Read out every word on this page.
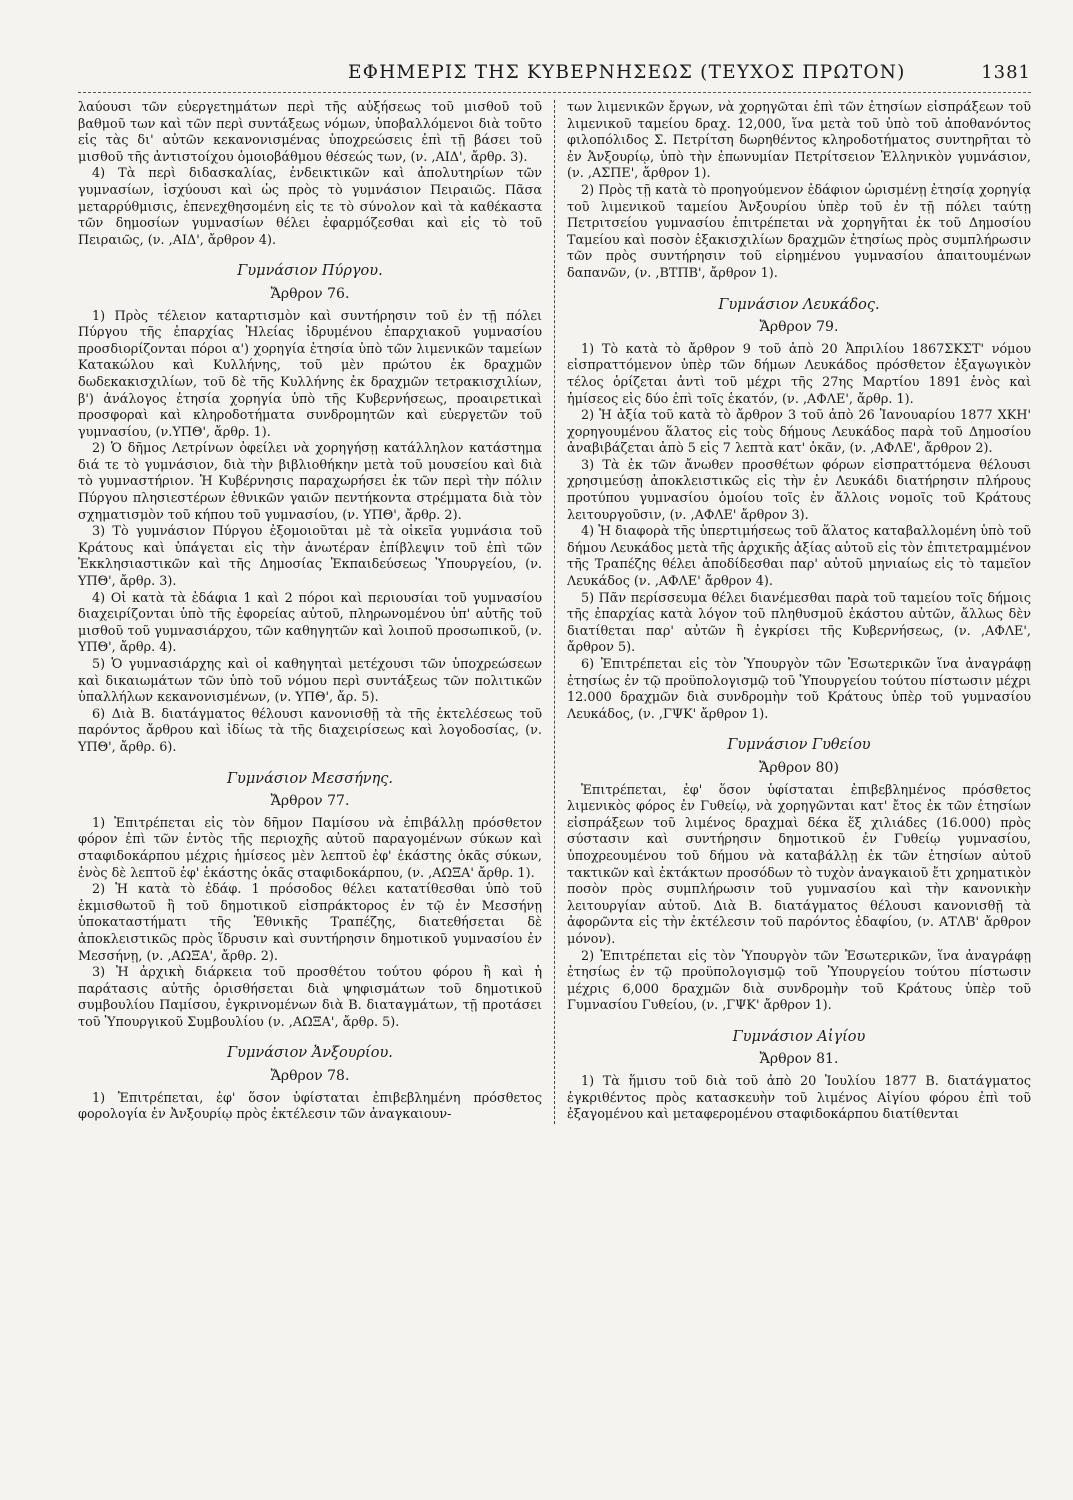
ΕΦΗΜΕΡΙΣ ΤΗΣ ΚΥΒΕΡΝΗΣΕΩΣ (ΤΕΥΧΟΣ ΠΡΩΤΟΝ)	1381

λαύουσι τῶν εὐεργετημάτων περὶ τῆς αὐξήσεως τοῦ μισθοῦ τοῦ βαθμοῦ των καὶ τῶν περὶ συντάξεως νόμων, ὑποβαλλόμενοι διὰ τοῦτο εἰς τὰς δι' αὐτῶν κεκανονισμένας ὑποχρεώσεις ἐπὶ τῇ βάσει τοῦ μισθοῦ τῆς ἀντιστοίχου ὁμοιοβάθμου θέσεώς των, (ν. ,ΑΙΔ', ἄρθρ. 3).

4) Τὰ περὶ διδασκαλίας, ἐνδεικτικῶν καὶ ἀπολυτηρίων τῶν γυμνασίων, ἰσχύουσι καὶ ὡς πρὸς τὸ γυμνάσιον Πειραιῶς. Πᾶσα μεταρρύθμισις, ἐπενεχθησομένη εἰς τε τὸ σύνολον καὶ τὰ καθέκαστα τῶν δημοσίων γυμνασίων θέλει ἐφαρμόζεσθαι καὶ εἰς τὸ τοῦ Πειραιῶς, (ν. ,ΑΙΔ', ἄρθρον 4).

Γυμνάσιον Πύργου.
Ἄρθρον 76.

1) Πρὸς τέλειον καταρτισμὸν καὶ συντήρησιν τοῦ ἐν τῇ πόλει Πύργου τῆς ἐπαρχίας Ἠλείας ἱδρυμένου ἐπαρχιακοῦ γυμνασίου προσδιορίζονται πόροι α') χορηγία ἐτησία ὑπὸ τῶν λιμενικῶν ταμείων Κατακώλου καὶ Κυλλήνης, τοῦ μὲν πρώτου ἐκ δραχμῶν δωδεκακισχιλίων, τοῦ δὲ τῆς Κυλλήνης ἐκ δραχμῶν τετρακισχιλίων, β') ἀνάλογος ἐτησία χορηγία ὑπὸ τῆς Κυβερνήσεως, προαιρετικαὶ προσφοραὶ καὶ κληροδοτήματα συνδρομητῶν καὶ εὐεργετῶν τοῦ γυμνασίου, (ν.ΥΠΘ', ἄρθρ. 1).

2) Ὁ δῆμος Λετρίνων ὀφείλει νὰ χορηγήσῃ κατάλληλον κατάστημα διά τε τὸ γυμνάσιον, διὰ τὴν βιβλιοθήκην μετὰ τοῦ μουσείου καὶ διὰ τὸ γυμναστήριον. Ἡ Κυβέρνησις παραχωρήσει ἐκ τῶν περὶ τὴν πόλιν Πύργου πλησιεστέρων ἐθνικῶν γαιῶν πεντήκοντα στρέμματα διὰ τὸν σχηματισμὸν τοῦ κήπου τοῦ γυμνασίου, (ν. ΥΠΘ', ἄρθρ. 2).

3) Τὸ γυμνάσιον Πύργου ἐξομοιοῦται μὲ τὰ οἰκεῖα γυμνάσια τοῦ Κράτους καὶ ὑπάγεται εἰς τὴν ἀνωτέραν ἐπίβλεψιν τοῦ ἐπὶ τῶν Ἐκκλησιαστικῶν καὶ τῆς Δημοσίας Ἐκπαιδεύσεως Ὑπουργείου, (ν. ΥΠΘ', ἄρθρ. 3).

4) Οἱ κατὰ τὰ ἐδάφια 1 καὶ 2 πόροι καὶ περιουσίαι τοῦ γυμνασίου διαχειρίζονται ὑπὸ τῆς ἐφορείας αὐτοῦ, πληρωνομένου ὑπ' αὐτῆς τοῦ μισθοῦ τοῦ γυμνασιάρχου, τῶν καθηγητῶν καὶ λοιποῦ προσωπικοῦ, (ν. ΥΠΘ', ἄρθρ. 4).

5) Ὁ γυμνασιάρχης καὶ οἱ καθηγηταὶ μετέχουσι τῶν ὑποχρεώσεων καὶ δικαιωμάτων τῶν ὑπὸ τοῦ νόμου περὶ συντάξεως τῶν πολιτικῶν ὑπαλλήλων κεκανονισμένων, (ν. ΥΠΘ', ἄρ. 5).

6) Διὰ Β. διατάγματος θέλουσι κανονισθῇ τὰ τῆς ἐκτελέσεως τοῦ παρόντος ἄρθρου καὶ ἰδίως τὰ τῆς διαχειρίσεως καὶ λογοδοσίας, (ν. ΥΠΘ', ἄρθρ. 6).

Γυμνάσιον Μεσσήνης.
Ἄρθρον 77.

1) Ἐπιτρέπεται εἰς τὸν δῆμον Παμίσου νὰ ἐπιβάλλῃ πρόσθετον φόρον ἐπὶ τῶν ἐντὸς τῆς περιοχῆς αὐτοῦ παραγομένων σύκων καὶ σταφιδοκάρπου μέχρις ἡμίσεος μὲν λεπτοῦ ἐφ' ἑκάστης ὀκᾶς σύκων, ἑνὸς δὲ λεπτοῦ ἐφ' ἑκάστης ὀκᾶς σταφιδοκάρπου, (ν. ,ΑΩΞΑ' ἄρθρ. 1).

2) Ἡ κατὰ τὸ ἐδάφ. 1 πρόσοδος θέλει κατατίθεσθαι ὑπὸ τοῦ ἐκμισθωτοῦ ἢ τοῦ δημοτικοῦ εἰσπράκτορος ἐν τῷ ἐν Μεσσήνῃ ὑποκαταστήματι τῆς Ἐθνικῆς Τραπέζης, διατεθήσεται δὲ ἀποκλειστικῶς πρὸς ἵδρυσιν καὶ συντήρησιν δημοτικοῦ γυμνασίου ἐν Μεσσήνῃ, (ν. ,ΑΩΞΑ', ἄρθρ. 2).

3) Ἡ ἀρχικὴ διάρκεια τοῦ προσθέτου τούτου φόρου ἢ καὶ ἡ παράτασις αὐτῆς ὁρισθήσεται διὰ ψηφισμάτων τοῦ δημοτικοῦ συμβουλίου Παμίσου, ἐγκρινομένων διὰ Β. διαταγμάτων, τῇ προτάσει τοῦ Ὑπουργικοῦ Συμβουλίου (ν. ,ΑΩΞΑ', ἄρθρ. 5).

Γυμνάσιον Ἀνξουρίου.
Ἄρθρον 78.

1) Ἐπιτρέπεται, ἐφ' ὅσον ὑφίσταται ἐπιβεβλημένη πρόσθετος φορολογία ἐν Ἀνξουρίῳ πρὸς ἐκτέλεσιν τῶν ἀναγκαιουν-

των λιμενικῶν ἔργων, νὰ χορηγῶται ἐπὶ τῶν ἐτησίων εἰσπράξεων τοῦ λιμενικοῦ ταμείου δραχ. 12,000, ἵνα μετὰ τοῦ ὑπὸ τοῦ ἀποθανόντος φιλοπόλιδος Σ. Πετρίτση δωρηθέντος κληροδοτήματος συντηρῆται τὸ ἐν Ἀνξουρίῳ, ὑπὸ τὴν ἐπωνυμίαν Πετρίτσειον Ἑλληνικὸν γυμνάσιον, (ν. ,ΑΣΠΕ', ἄρθρον 1).

2) Πρὸς τῇ κατὰ τὸ προηγούμενον ἐδάφιον ὡρισμένῃ ἐτησίᾳ χορηγίᾳ τοῦ λιμενικοῦ ταμείου Ἀνξουρίου ὑπὲρ τοῦ ἐν τῇ πόλει ταύτῃ Πετριτσείου γυμνασίου ἐπιτρέπεται νὰ χορηγῆται ἐκ τοῦ Δημοσίου Ταμείου καὶ ποσὸν ἑξακισχιλίων δραχμῶν ἐτησίως πρὸς συμπλήρωσιν τῶν πρὸς συντήρησιν τοῦ εἰρημένου γυμνασίου ἀπαιτουμένων δαπανῶν, (ν. ,ΒΤΠΒ', ἄρθρον 1).

Γυμνάσιον Λευκάδος.
Ἄρθρον 79.

1) Τὸ κατὰ τὸ ἄρθρον 9 τοῦ ἀπὸ 20 Ἀπριλίου 1867ΣΚΣΤ' νόμου εἰσπραττόμενον ὑπὲρ τῶν δήμων Λευκάδος πρόσθετον ἐξαγωγικὸν τέλος ὁρίζεται ἀντὶ τοῦ μέχρι τῆς 27ης Μαρτίου 1891 ἑνὸς καὶ ἡμίσεος εἰς δύο ἐπὶ τοῖς ἑκατόν, (ν. ,ΑΦΛΕ', ἄρθρ. 1).

2) Ἡ ἀξία τοῦ κατὰ τὸ ἄρθρον 3 τοῦ ἀπὸ 26 Ἰανουαρίου 1877 ΧΚΗ' χορηγουμένου ἅλατος εἰς τοὺς δήμους Λευκάδος παρὰ τοῦ Δημοσίου ἀναβιβάζεται ἀπὸ 5 εἰς 7 λεπτὰ κατ' ὀκᾶν, (ν. ,ΑΦΛΕ', ἄρθρον 2).

3) Τὰ ἐκ τῶν ἄνωθεν προσθέτων φόρων εἰσπραττόμενα θέλουσι χρησιμεύσῃ ἀποκλειστικῶς εἰς τὴν ἐν Λευκάδι διατήρησιν πλήρους προτύπου γυμνασίου ὁμοίου τοῖς ἐν ἄλλοις νομοῖς τοῦ Κράτους λειτουργοῦσιν, (ν. ,ΑΦΛΕ' ἄρθρον 3).

4) Ἡ διαφορὰ τῆς ὑπερτιμήσεως τοῦ ἅλατος καταβαλλομένη ὑπὸ τοῦ δήμου Λευκάδος μετὰ τῆς ἀρχικῆς ἀξίας αὐτοῦ εἰς τὸν ἐπιτετραμμένον τῆς Τραπέζης θέλει ἀποδίδεσθαι παρ' αὐτοῦ μηνιαίως εἰς τὸ ταμεῖον Λευκάδος (ν. ,ΑΦΛΕ' ἄρθρον 4).

5) Πᾶν περίσσευμα θέλει διανέμεσθαι παρὰ τοῦ ταμείου τοῖς δήμοις τῆς ἐπαρχίας κατὰ λόγον τοῦ πληθυσμοῦ ἑκάστου αὐτῶν, ἄλλως δὲν διατίθεται παρ' αὐτῶν ἢ ἐγκρίσει τῆς Κυβερνήσεως, (ν. ,ΑΦΛΕ', ἄρθρον 5).

6) Ἐπιτρέπεται εἰς τὸν Ὑπουργὸν τῶν Ἐσωτερικῶν ἵνα ἀναγράφῃ ἐτησίως ἐν τῷ προϋπολογισμῷ τοῦ Ὑπουργείου τούτου πίστωσιν μέχρι 12.000 δραχμῶν διὰ συνδρομὴν τοῦ Κράτους ὑπὲρ τοῦ γυμνασίου Λευκάδος, (ν. ,ΓΨΚ' ἄρθρον 1).

Γυμνάσιον Γυθείου
Ἄρθρον 80)

Ἐπιτρέπεται, ἐφ' ὅσον ὑφίσταται ἐπιβεβλημένος πρόσθετος λιμενικὸς φόρος ἐν Γυθείῳ, νὰ χορηγῶνται κατ' ἔτος ἐκ τῶν ἐτησίων εἰσπράξεων τοῦ λιμένος δραχμαὶ δέκα ἕξ χιλιάδες (16.000) πρὸς σύστασιν καὶ συντήρησιν δημοτικοῦ ἐν Γυθείῳ γυμνασίου, ὑποχρεουμένου τοῦ δήμου νὰ καταβάλλῃ ἐκ τῶν ἐτησίων αὐτοῦ τακτικῶν καὶ ἐκτάκτων προσόδων τὸ τυχὸν ἀναγκαιοῦ ἔτι χρηματικὸν ποσὸν πρὸς συμπλήρωσιν τοῦ γυμνασίου καὶ τὴν κανονικὴν λειτουργίαν αὐτοῦ. Διὰ Β. διατάγματος θέλουσι κανονισθῇ τὰ ἀφορῶντα εἰς τὴν ἐκτέλεσιν τοῦ παρόντος ἐδαφίου, (ν. ΑΤΛΒ' ἄρθρον μόνον).

2) Ἐπιτρέπεται εἰς τὸν Ὑπουργὸν τῶν Ἐσωτερικῶν, ἵνα ἀναγράφῃ ἐτησίως ἐν τῷ προϋπολογισμῷ τοῦ Ὑπουργείου τούτου πίστωσιν μέχρις 6,000 δραχμῶν διὰ συνδρομὴν τοῦ Κράτους ὑπὲρ τοῦ Γυμνασίου Γυθείου, (ν. ,ΓΨΚ' ἄρθρον 1).

Γυμνάσιον Αἰγίου
Ἄρθρον 81.

1) Τὰ ἥμισυ τοῦ διὰ τοῦ ἀπὸ 20 Ἰουλίου 1877 Β. διατάγματος ἐγκριθέντος πρὸς κατασκευὴν τοῦ λιμένος Αἰγίου φόρου ἐπὶ τοῦ ἐξαγομένου καὶ μεταφερομένου σταφιδοκάρπου διατίθενται
